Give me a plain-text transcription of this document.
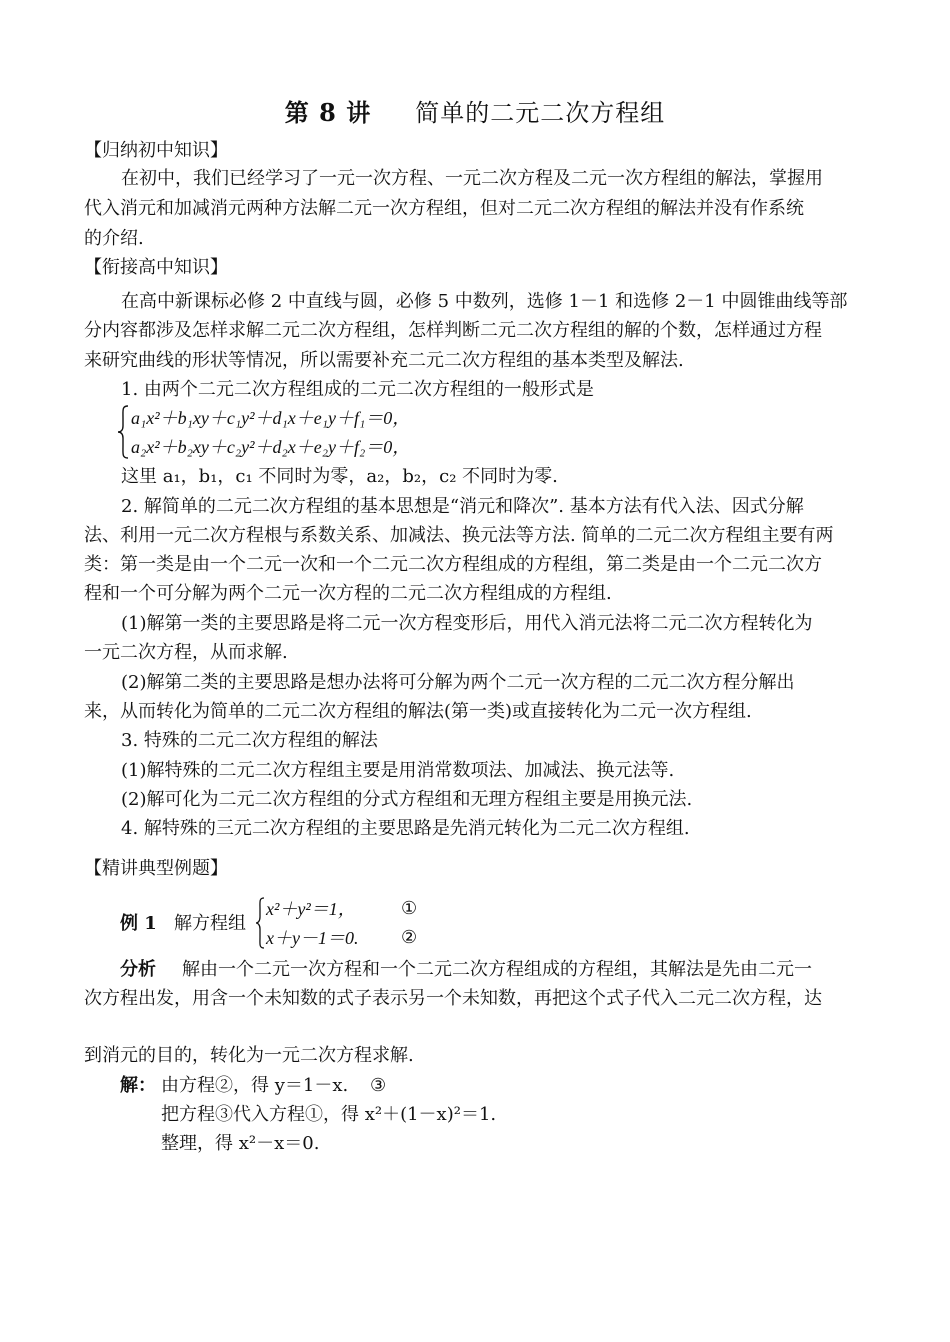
第 8 讲 简单的二元二次方程组
【归纳初中知识】
在初中，我们已经学习了一元一次方程、一元二次方程及二元一次方程组的解法，掌握用
代入消元和加减消元两种方法解二元一次方程组，但对二元二次方程组的解法并没有作系统
的介绍.
【衔接高中知识】
在高中新课标必修 2 中直线与圆，必修 5 中数列，选修 1－1 和选修 2－1 中圆锥曲线等部
分内容都涉及怎样求解二元二次方程组，怎样判断二元二次方程组的解的个数，怎样通过方程
来研究曲线的形状等情况，所以需要补充二元二次方程组的基本类型及解法.
1. 由两个二元二次方程组成的二元二次方程组的一般形式是
a₁x²＋b₁xy＋c₁y²＋d₁x＋e₁y＋f₁＝0，
a₂x²＋b₂xy＋c₂y²＋d₂x＋e₂y＋f₂＝0，
这里 a₁，b₁，c₁ 不同时为零，a₂，b₂，c₂ 不同时为零.
2. 解简单的二元二次方程组的基本思想是“消元和降次”. 基本方法有代入法、因式分解
法、利用一元二次方程根与系数关系、加减法、换元法等方法. 简单的二元二次方程组主要有两
类：第一类是由一个二元一次和一个二元二次方程组成的方程组，第二类是由一个二元二次方
程和一个可分解为两个二元一次方程的二元二次方程组成的方程组.
(1)解第一类的主要思路是将二元一次方程变形后，用代入消元法将二元二次方程转化为
一元二次方程，从而求解.
(2)解第二类的主要思路是想办法将可分解为两个二元一次方程的二元二次方程分解出
来，从而转化为简单的二元二次方程组的解法(第一类)或直接转化为二元一次方程组.
3. 特殊的二元二次方程组的解法
(1)解特殊的二元二次方程组主要是用消常数项法、加减法、换元法等.
(2)解可化为二元二次方程组的分式方程组和无理方程组主要是用换元法.
4. 解特殊的三元二次方程组的主要思路是先消元转化为二元二次方程组.
【精讲典型例题】
例 1 解方程组
x²＋y²＝1，	①
x＋y－1＝0. ②
分析 解由一个二元一次方程和一个二元二次方程组成的方程组，其解法是先由二元一
次方程出发，用含一个未知数的式子表示另一个未知数，再把这个式子代入二元二次方程，达
到消元的目的，转化为一元二次方程求解.
解： 由方程②，得 y＝1－x. ③
把方程③代入方程①，得 x²＋(1－x)²＝1.
整理，得 x²－x＝0.
